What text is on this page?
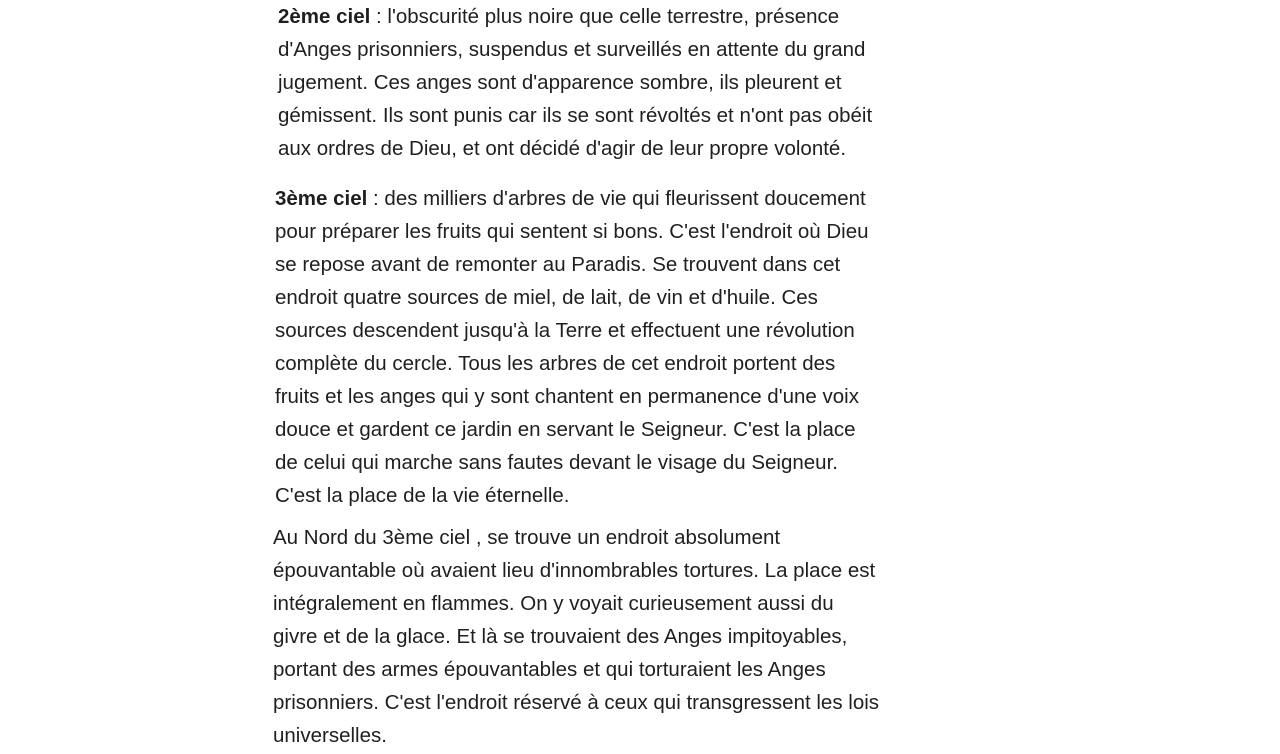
2ème ciel : l'obscurité plus noire que celle terrestre, présence
d'Anges prisonniers, suspendus et surveillés en attente du grand
jugement. Ces anges sont d'apparence sombre, ils pleurent et
gémissent. Ils sont punis car ils se sont révoltés et n'ont pas obéit
aux ordres de Dieu, et ont décidé d'agir de leur propre volonté.

3ème ciel : des milliers d'arbres de vie qui fleurissent doucement
pour préparer les fruits qui sentent si bons. C'est l'endroit où Dieu
se repose avant de remonter au Paradis. Se trouvent dans cet
endroit quatre sources de miel, de lait, de vin et d'huile. Ces
sources descendent jusqu'à la Terre et effectuent une révolution
complète du cercle. Tous les arbres de cet endroit portent des
fruits et les anges qui y sont chantent en permanence d'une voix
douce et gardent ce jardin en servant le Seigneur. C'est la place
de celui qui marche sans fautes devant le visage du Seigneur.
C'est la place de la vie éternelle.

Au Nord du 3ème ciel , se trouve un endroit absolument
épouvantable où avaient lieu d'innombrables tortures. La place est
intégralement en flammes. On y voyait curieusement aussi du
givre et de la glace. Et là se trouvaient des Anges impitoyables,
portant des armes épouvantables et qui torturaient les Anges
prisonniers. C'est l'endroit réservé à ceux qui transgressent les lois
universelles.
